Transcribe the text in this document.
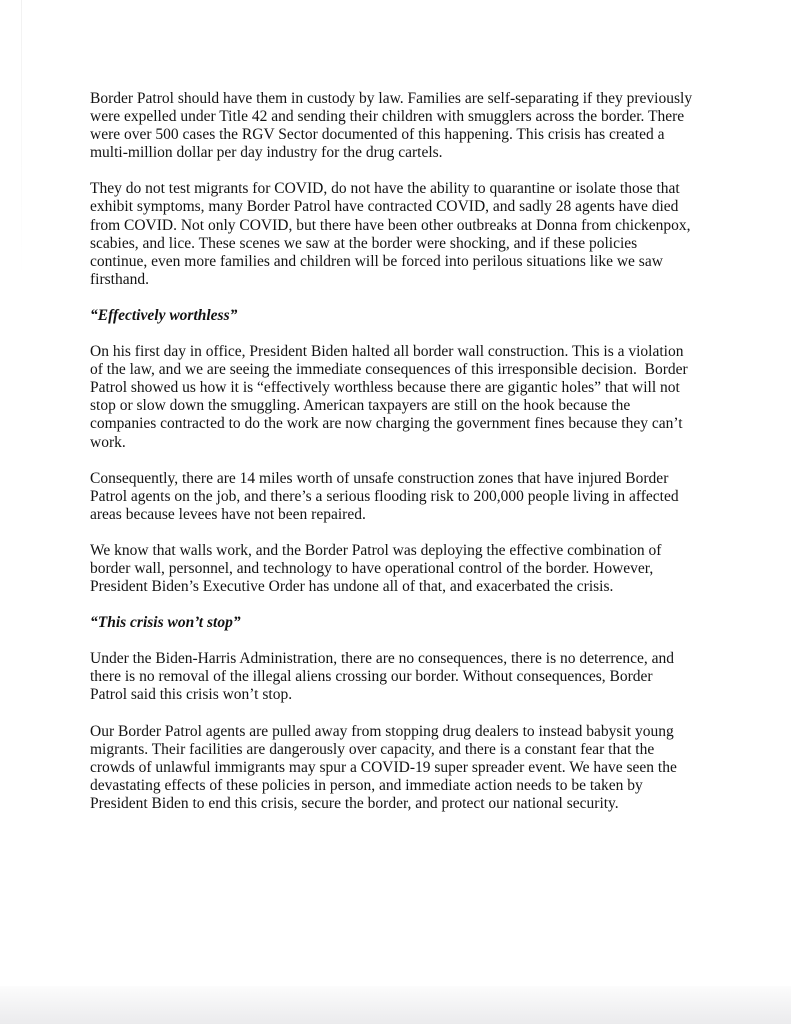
Border Patrol should have them in custody by law. Families are self-separating if they previously
were expelled under Title 42 and sending their children with smugglers across the border. There
were over 500 cases the RGV Sector documented of this happening. This crisis has created a
multi-million dollar per day industry for the drug cartels.
They do not test migrants for COVID, do not have the ability to quarantine or isolate those that
exhibit symptoms, many Border Patrol have contracted COVID, and sadly 28 agents have died
from COVID. Not only COVID, but there have been other outbreaks at Donna from chickenpox,
scabies, and lice. These scenes we saw at the border were shocking, and if these policies
continue, even more families and children will be forced into perilous situations like we saw
firsthand.
“Effectively worthless”
On his first day in office, President Biden halted all border wall construction. This is a violation
of the law, and we are seeing the immediate consequences of this irresponsible decision.  Border
Patrol showed us how it is “effectively worthless because there are gigantic holes” that will not
stop or slow down the smuggling. American taxpayers are still on the hook because the
companies contracted to do the work are now charging the government fines because they can’t
work.
Consequently, there are 14 miles worth of unsafe construction zones that have injured Border
Patrol agents on the job, and there’s a serious flooding risk to 200,000 people living in affected
areas because levees have not been repaired.
We know that walls work, and the Border Patrol was deploying the effective combination of
border wall, personnel, and technology to have operational control of the border. However,
President Biden’s Executive Order has undone all of that, and exacerbated the crisis.
“This crisis won’t stop”
Under the Biden-Harris Administration, there are no consequences, there is no deterrence, and
there is no removal of the illegal aliens crossing our border. Without consequences, Border
Patrol said this crisis won’t stop.
Our Border Patrol agents are pulled away from stopping drug dealers to instead babysit young
migrants. Their facilities are dangerously over capacity, and there is a constant fear that the
crowds of unlawful immigrants may spur a COVID-19 super spreader event. We have seen the
devastating effects of these policies in person, and immediate action needs to be taken by
President Biden to end this crisis, secure the border, and protect our national security.
